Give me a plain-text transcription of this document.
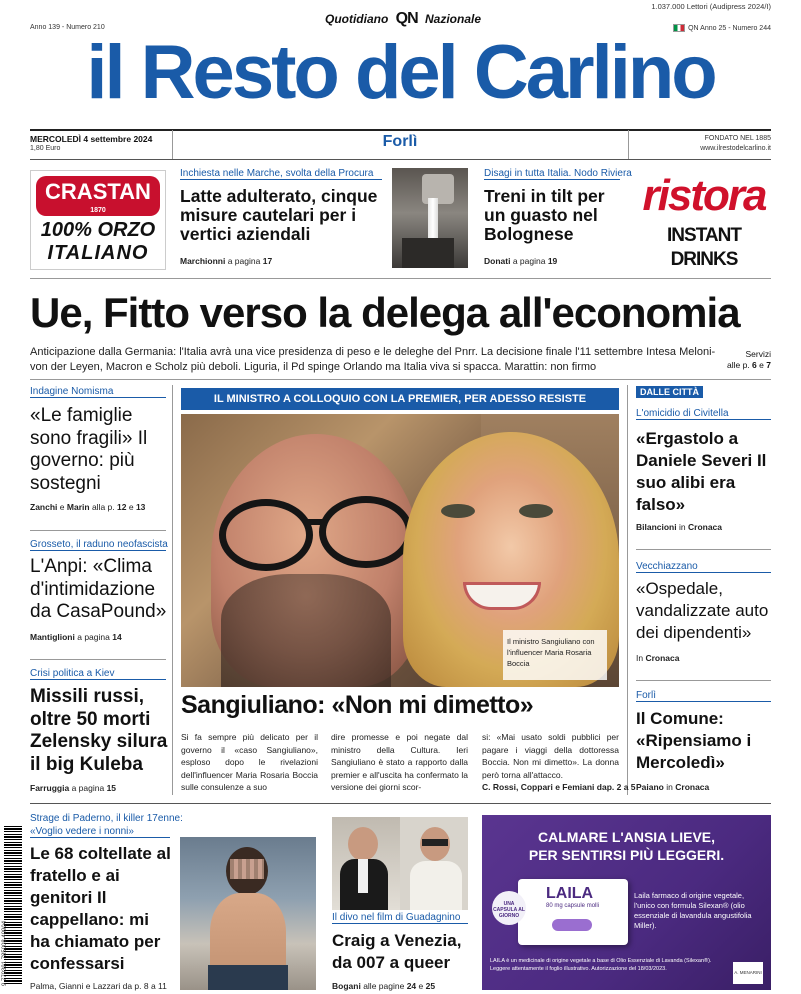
1.037.000 Lettori (Audipress 2024/I)
Quotidiano QN Nazionale
Anno 139 - Numero 210	QN Anno 25 - Numero 244
il Resto del Carlino
MERCOLEDÌ 4 settembre 2024
1,80 Euro	Forlì	FONDATO NEL 1885
www.ilrestodelcarlino.it
CRASTAN
1870
100% ORZO
ITALIANO
ristora
INSTANT DRINKS
Inchiesta nelle Marche, svolta della Procura
Latte adulterato, cinque misure cautelari per i vertici aziendali
Marchionni a pagina 17
Disagi in tutta Italia. Nodo Riviera
Treni in tilt per un guasto nel Bolognese
Donati a pagina 19
Ue, Fitto verso la delega all'economia
Anticipazione dalla Germania: l'Italia avrà una vice presidenza di peso e le deleghe del Pnrr. La decisione finale l'11 settembre Intesa Meloni-von der Leyen, Macron e Scholz più deboli. Liguria, il Pd spinge Orlando ma Italia viva si spacca. Marattin: non firmo
Servizi
alle p. 6 e 7
Indagine Nomisma
«Le famiglie sono fragili» Il governo: più sostegni
Zanchi e Marin alla p. 12 e 13
Grosseto, il raduno neofascista
L'Anpi: «Clima d'intimidazione da CasaPound»
Mantiglioni a pagina 14
Crisi politica a Kiev
Missili russi, oltre 50 morti Zelensky silura il big Kuleba
Farruggia a pagina 15
IL MINISTRO A COLLOQUIO CON LA PREMIER, PER ADESSO RESISTE
Il ministro Sangiuliano con l'influencer Maria Rosaria Boccia
Sangiuliano: «Non mi dimetto»
Si fa sempre più delicato per il governo il «caso Sangiuliano», esploso dopo le rivelazioni dell'influencer Maria Rosaria Boccia sulle consulenze a suo
dire promesse e poi negate dal ministro della Cultura. Ieri Sangiuliano è stato a rapporto dalla premier e all'uscita ha confermato la versione dei giorni scor-
si: «Mai usato soldi pubblici per pagare i viaggi della dottoressa Boccia. Non mi dimetto». La donna però torna all'attacco.
C. Rossi, Coppari e Femiani dap. 2 a 5
DALLE CITTÀ
L'omicidio di Civitella
«Ergastolo a Daniele Severi Il suo alibi era falso»
Bilancioni in Cronaca
Vecchiazzano
«Ospedale, vandalizzate auto dei dipendenti»
In Cronaca
Forlì
Il Comune: «Ripensiamo i Mercoledì»
Paiano in Cronaca
9 770391 785008 40904
Strage di Paderno, il killer 17enne:
«Voglio vedere i nonni»
Le 68 coltellate al fratello e ai genitori Il cappellano: mi ha chiamato per confessarsi
Palma, Gianni e Lazzari da p. 8 a 11
Il divo nel film di Guadagnino
Craig a Venezia, da 007 a queer
Bogani alle pagine 24 e 25
CALMARE L'ANSIA LIEVE,
PER SENTIRSI PIÙ LEGGERI.
LAILA
80 mg capsule molli
UNA CAPSULA AL GIORNO
Laila farmaco di origine vegetale, l'unico con formula Silexan® (olio essenziale di lavandula angustifolia Miller).
LAILA è un medicinale di origine vegetale a base di Olio Essenziale di Lavanda (Silexan®). Leggere attentamente il foglio illustrativo. Autorizzazione del 18/03/2023.
A. MENARINI
